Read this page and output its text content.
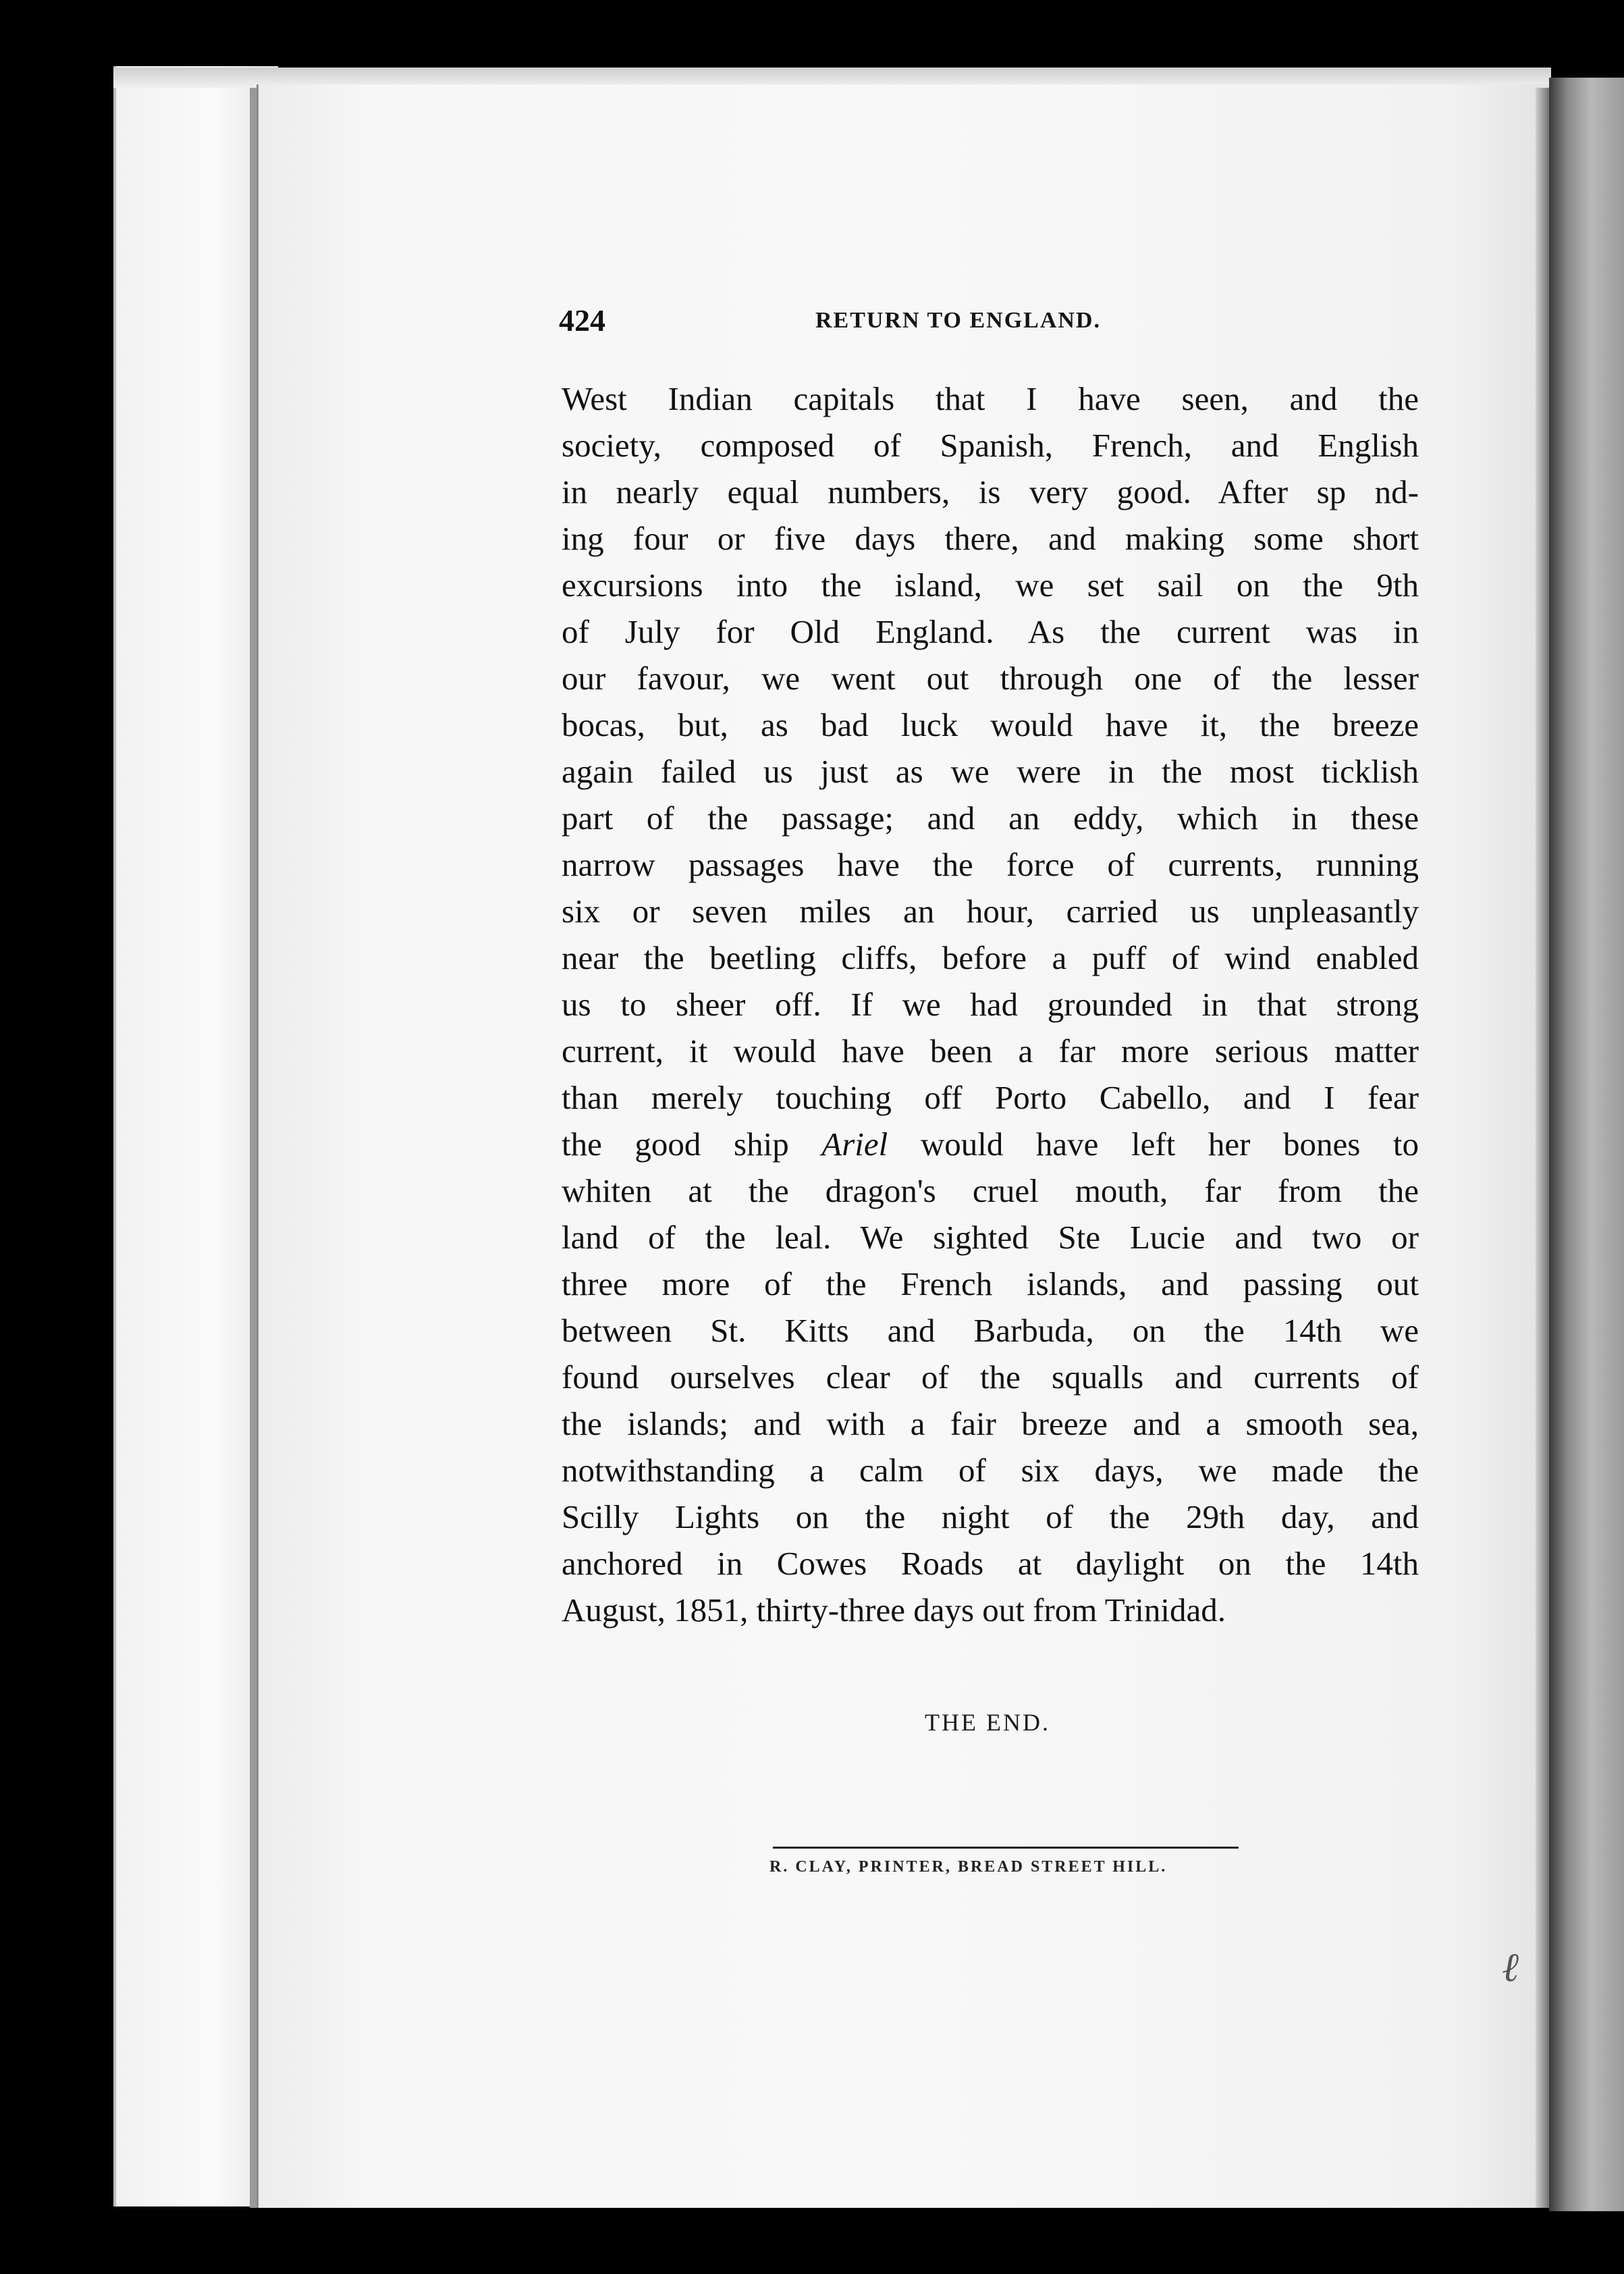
424	RETURN TO ENGLAND.
West Indian capitals that I have seen, and the
society, composed of Spanish, French, and English
in nearly equal numbers, is very good. After sp nd-
ing four or five days there, and making some short
excursions into the island, we set sail on the 9th
of July for Old England. As the current was in
our favour, we went out through one of the lesser
bocas, but, as bad luck would have it, the breeze
again failed us just as we were in the most ticklish
part of the passage; and an eddy, which in these
narrow passages have the force of currents, running
six or seven miles an hour, carried us unpleasantly
near the beetling cliffs, before a puff of wind enabled
us to sheer off. If we had grounded in that strong
current, it would have been a far more serious matter
than merely touching off Porto Cabello, and I fear
the good ship Ariel would have left her bones to
whiten at the dragon's cruel mouth, far from the
land of the leal. We sighted Ste Lucie and two or
three more of the French islands, and passing out
between St. Kitts and Barbuda, on the 14th we
found ourselves clear of the squalls and currents of
the islands; and with a fair breeze and a smooth sea,
notwithstanding a calm of six days, we made the
Scilly Lights on the night of the 29th day, and
anchored in Cowes Roads at daylight on the 14th
August, 1851, thirty-three days out from Trinidad.
THE END.
R. CLAY, PRINTER, BREAD STREET HILL.
ℓ
